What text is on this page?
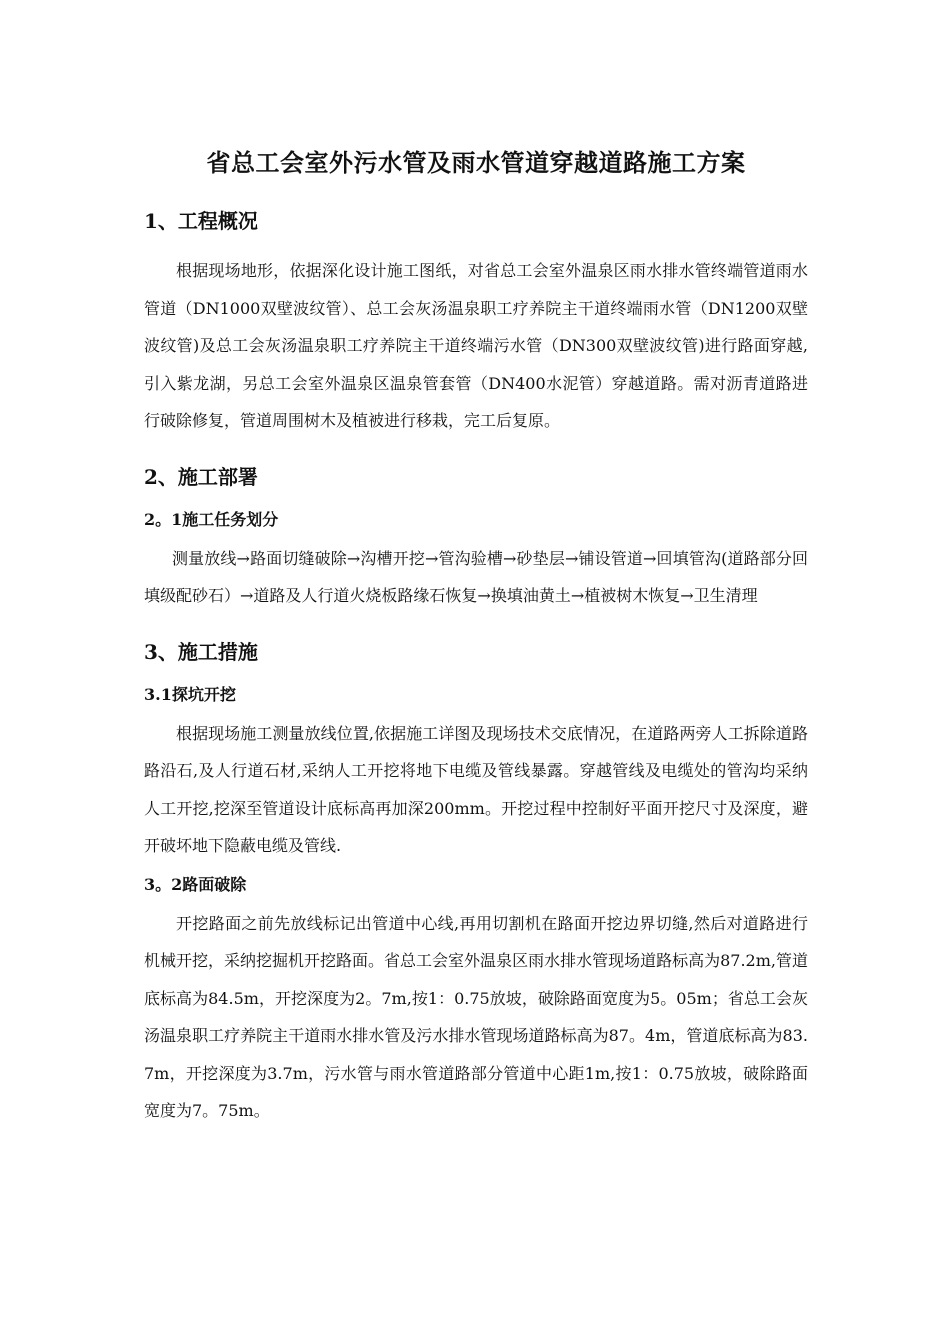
省总工会室外污水管及雨水管道穿越道路施工方案
1、工程概况

根据现场地形，依据深化设计施工图纸，对省总工会室外温泉区雨水排水管终端管道雨水管道（DN1000双壁波纹管）、总工会灰汤温泉职工疗养院主干道终端雨水管（DN1200双壁波纹管)及总工会灰汤温泉职工疗养院主干道终端污水管（DN300双壁波纹管)进行路面穿越,引入紫龙湖，另总工会室外温泉区温泉管套管（DN400水泥管）穿越道路。需对沥青道路进行破除修复，管道周围树木及植被进行移栽，完工后复原。

2、施工部署
2。1施工任务划分

测量放线→路面切缝破除→沟槽开挖→管沟验槽→砂垫层→铺设管道→回填管沟(道路部分回填级配砂石）→道路及人行道火烧板路缘石恢复→换填油黄土→植被树木恢复→卫生清理

3、施工措施
3.1探坑开挖

根据现场施工测量放线位置,依据施工详图及现场技术交底情况，在道路两旁人工拆除道路路沿石,及人行道石材,采纳人工开挖将地下电缆及管线暴露。穿越管线及电缆处的管沟均采纳人工开挖,挖深至管道设计底标高再加深200mm。开挖过程中控制好平面开挖尺寸及深度，避开破坏地下隐蔽电缆及管线.

3。2路面破除

开挖路面之前先放线标记出管道中心线,再用切割机在路面开挖边界切缝,然后对道路进行机械开挖，采纳挖掘机开挖路面。省总工会室外温泉区雨水排水管现场道路标高为87.2m,管道底标高为84.5m，开挖深度为2。7m,按1：0.75放坡，破除路面宽度为5。05m；省总工会灰汤温泉职工疗养院主干道雨水排水管及污水排水管现场道路标高为87。4m，管道底标高为83.7m，开挖深度为3.7m，污水管与雨水管道路部分管道中心距1m,按1：0.75放坡，破除路面宽度为7。75m。
